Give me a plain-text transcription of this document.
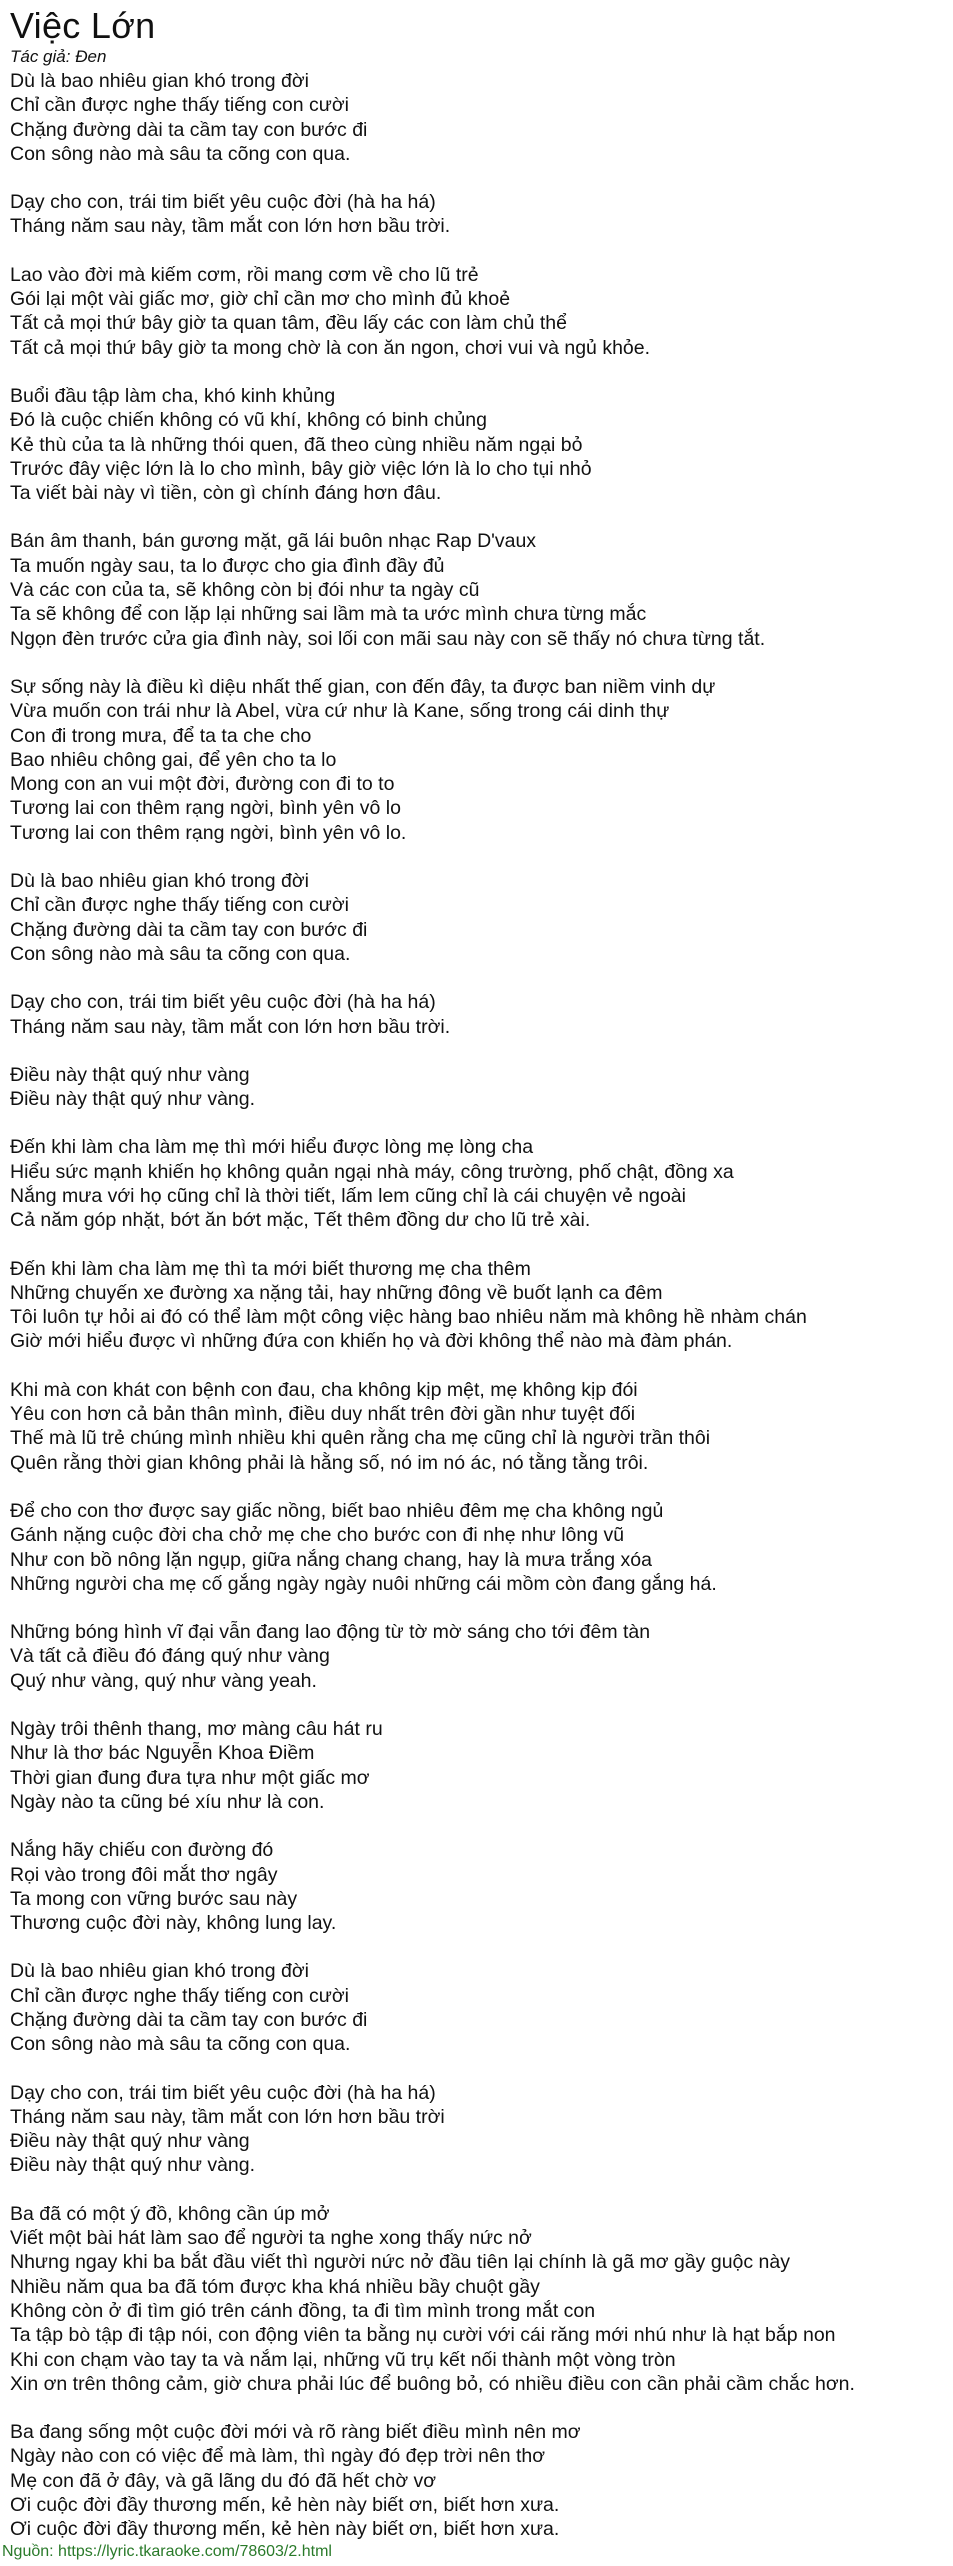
Việc Lớn
Tác giả: Đen
Dù là bao nhiêu gian khó trong đời
Chỉ cần được nghe thấy tiếng con cười
Chặng đường dài ta cầm tay con bước đi
Con sông nào mà sâu ta cõng con qua.
Dạy cho con, trái tim biết yêu cuộc đời (hà ha há)
Tháng năm sau này, tầm mắt con lớn hơn bầu trời.
Lao vào đời mà kiếm cơm, rồi mang cơm về cho lũ trẻ
Gói lại một vài giấc mơ, giờ chỉ cần mơ cho mình đủ khoẻ
Tất cả mọi thứ bây giờ ta quan tâm, đều lấy các con làm chủ thể
Tất cả mọi thứ bây giờ ta mong chờ là con ăn ngon, chơi vui và ngủ khỏe.
Buổi đầu tập làm cha, khó kinh khủng
Đó là cuộc chiến không có vũ khí, không có binh chủng
Kẻ thù của ta là những thói quen, đã theo cùng nhiều năm ngại bỏ
Trước đây việc lớn là lo cho mình, bây giờ việc lớn là lo cho tụi nhỏ
Ta viết bài này vì tiền, còn gì chính đáng hơn đâu.
Bán âm thanh, bán gương mặt, gã lái buôn nhạc Rap D'vaux
Ta muốn ngày sau, ta lo được cho gia đình đầy đủ
Và các con của ta, sẽ không còn bị đói như ta ngày cũ
Ta sẽ không để con lặp lại những sai lầm mà ta ước mình chưa từng mắc
Ngọn đèn trước cửa gia đình này, soi lối con mãi sau này con sẽ thấy nó chưa từng tắt.
Sự sống này là điều kì diệu nhất thế gian, con đến đây, ta được ban niềm vinh dự
Vừa muốn con trái như là Abel, vừa cứ như là Kane, sống trong cái dinh thự
Con đi trong mưa, để ta ta che cho
Bao nhiêu chông gai, để yên cho ta lo
Mong con an vui một đời, đường con đi to to
Tương lai con thêm rạng ngời, bình yên vô lo
Tương lai con thêm rạng ngời, bình yên vô lo.
Dù là bao nhiêu gian khó trong đời
Chỉ cần được nghe thấy tiếng con cười
Chặng đường dài ta cầm tay con bước đi
Con sông nào mà sâu ta cõng con qua.
Dạy cho con, trái tim biết yêu cuộc đời (hà ha há)
Tháng năm sau này, tầm mắt con lớn hơn bầu trời.
Điều này thật quý như vàng
Điều này thật quý như vàng.
Đến khi làm cha làm mẹ thì mới hiểu được lòng mẹ lòng cha
Hiểu sức mạnh khiến họ không quản ngại nhà máy, công trường, phố chật, đồng xa
Nắng mưa với họ cũng chỉ là thời tiết, lấm lem cũng chỉ là cái chuyện vẻ ngoài
Cả năm góp nhặt, bớt ăn bớt mặc, Tết thêm đồng dư cho lũ trẻ xài.
Đến khi làm cha làm mẹ thì ta mới biết thương mẹ cha thêm
Những chuyến xe đường xa nặng tải, hay những đông về buốt lạnh ca đêm
Tôi luôn tự hỏi ai đó có thể làm một công việc hàng bao nhiêu năm mà không hề nhàm chán
Giờ mới hiểu được vì những đứa con khiến họ và đời không thể nào mà đàm phán.
Khi mà con khát con bệnh con đau, cha không kịp mệt, mẹ không kịp đói
Yêu con hơn cả bản thân mình, điều duy nhất trên đời gần như tuyệt đối
Thế mà lũ trẻ chúng mình nhiều khi quên rằng cha mẹ cũng chỉ là người trần thôi
Quên rằng thời gian không phải là hằng số, nó im nó ác, nó tằng tằng trôi.
Để cho con thơ được say giấc nồng, biết bao nhiêu đêm mẹ cha không ngủ
Gánh nặng cuộc đời cha chở mẹ che cho bước con đi nhẹ như lông vũ
Như con bồ nông lặn ngụp, giữa nắng chang chang, hay là mưa trắng xóa
Những người cha mẹ cố gắng ngày ngày nuôi những cái mồm còn đang gắng há.
Những bóng hình vĩ đại vẫn đang lao động từ tờ mờ sáng cho tới đêm tàn
Và tất cả điều đó đáng quý như vàng
Quý như vàng, quý như vàng yeah.
Ngày trôi thênh thang, mơ màng câu hát ru
Như là thơ bác Nguyễn Khoa Điềm
Thời gian đung đưa tựa như một giấc mơ
Ngày nào ta cũng bé xíu như là con.
Nắng hãy chiếu con đường đó
Rọi vào trong đôi mắt thơ ngây
Ta mong con vững bước sau này
Thương cuộc đời này, không lung lay.
Dù là bao nhiêu gian khó trong đời
Chỉ cần được nghe thấy tiếng con cười
Chặng đường dài ta cầm tay con bước đi
Con sông nào mà sâu ta cõng con qua.
Dạy cho con, trái tim biết yêu cuộc đời (hà ha há)
Tháng năm sau này, tầm mắt con lớn hơn bầu trời
Điều này thật quý như vàng
Điều này thật quý như vàng.
Ba đã có một ý đồ, không cần úp mở
Viết một bài hát làm sao để người ta nghe xong thấy nức nở
Nhưng ngay khi ba bắt đầu viết thì người nức nở đầu tiên lại chính là gã mơ gầy guộc này
Nhiều năm qua ba đã tóm được kha khá nhiều bầy chuột gầy
Không còn ở đi tìm gió trên cánh đồng, ta đi tìm mình trong mắt con
Ta tập bò tập đi tập nói, con động viên ta bằng nụ cười với cái răng mới nhú như là hạt bắp non
Khi con chạm vào tay ta và nắm lại, những vũ trụ kết nối thành một vòng tròn
Xin ơn trên thông cảm, giờ chưa phải lúc để buông bỏ, có nhiều điều con cần phải cầm chắc hơn.
Ba đang sống một cuộc đời mới và rõ ràng biết điều mình nên mơ
Ngày nào con có việc để mà làm, thì ngày đó đẹp trời nên thơ
Mẹ con đã ở đây, và gã lãng du đó đã hết chờ vơ
Ơi cuộc đời đầy thương mến, kẻ hèn này biết ơn, biết hơn xưa.
Ơi cuộc đời đầy thương mến, kẻ hèn này biết ơn, biết hơn xưa.
Nguồn: https://lyric.tkaraoke.com/78603/2.html
